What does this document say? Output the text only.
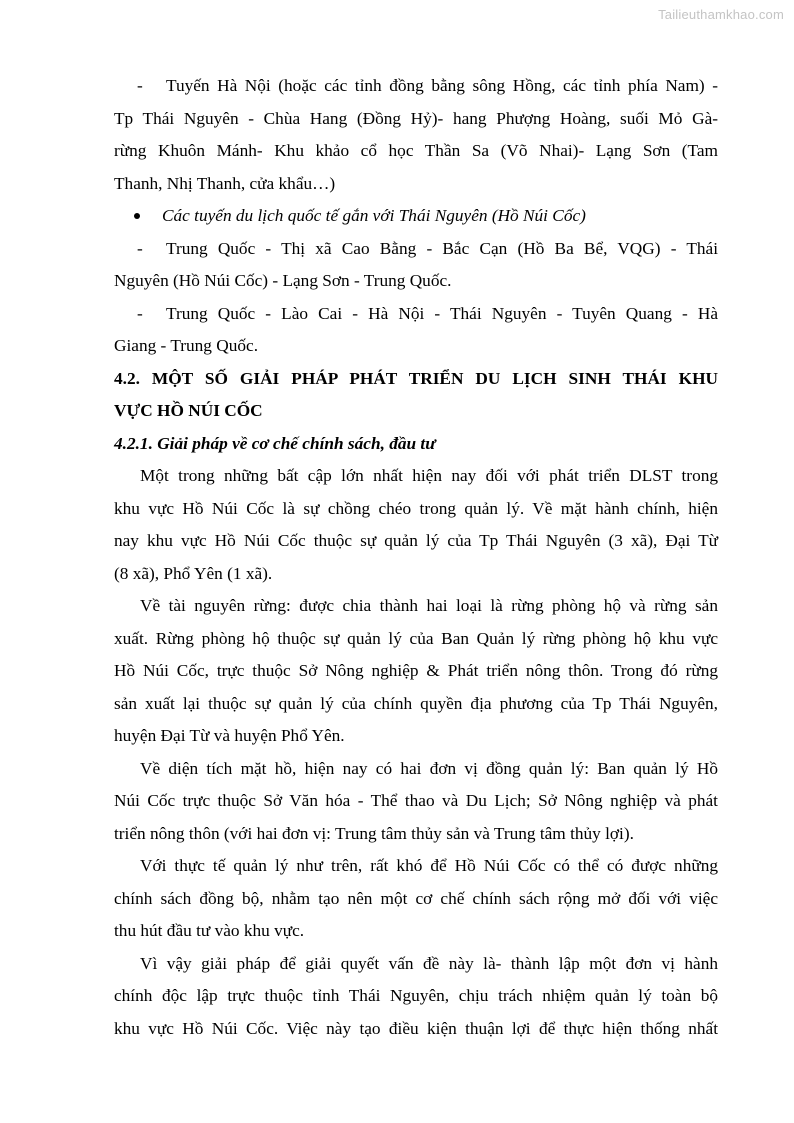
Tailieuthamkhao.com
- Tuyến Hà Nội (hoặc các tỉnh đồng bằng sông Hồng, các tỉnh phía Nam) -
Tp Thái Nguyên - Chùa Hang (Đồng Hỷ)- hang Phượng Hoàng, suối Mỏ Gà-
rừng Khuôn Mánh- Khu khảo cổ học Thần Sa (Võ Nhai)- Lạng Sơn (Tam
Thanh, Nhị Thanh, cửa khẩu…)
Các tuyến du lịch quốc tế gắn với Thái Nguyên (Hồ Núi Cốc)
- Trung Quốc - Thị xã Cao Bằng - Bắc Cạn (Hồ Ba Bể, VQG) - Thái
Nguyên (Hồ Núi Cốc) - Lạng Sơn - Trung Quốc.
- Trung Quốc - Lào Cai - Hà Nội - Thái Nguyên - Tuyên Quang - Hà
Giang - Trung Quốc.
4.2. MỘT SỐ GIẢI PHÁP PHÁT TRIỂN DU LỊCH SINH THÁI KHU
VỰC HỒ NÚI CỐC
4.2.1. Giải pháp về cơ chế chính sách, đầu tư
Một trong những bất cập lớn nhất hiện nay đối với phát triển DLST trong
khu vực Hồ Núi Cốc là sự chồng chéo trong quản lý. Về mặt hành chính, hiện
nay khu vực Hồ Núi Cốc thuộc sự quản lý của Tp Thái Nguyên (3 xã), Đại Từ
(8 xã), Phổ Yên (1 xã).
Về tài nguyên rừng: được chia thành hai loại là rừng phòng hộ và rừng sản
xuất. Rừng phòng hộ thuộc sự quản lý của Ban Quản lý rừng phòng hộ khu vực
Hồ Núi Cốc, trực thuộc Sở Nông nghiệp & Phát triển nông thôn. Trong đó rừng
sản xuất lại thuộc sự quản lý của chính quyền địa phương của Tp Thái Nguyên,
huyện Đại Từ và huyện Phổ Yên.
Về diện tích mặt hồ, hiện nay có hai đơn vị đồng quản lý: Ban quản lý Hồ
Núi Cốc trực thuộc Sở Văn hóa - Thể thao và Du Lịch; Sở Nông nghiệp và phát
triển nông thôn (với hai đơn vị: Trung tâm thủy sản và Trung tâm thủy lợi).
Với thực tế quản lý như trên, rất khó để Hồ Núi Cốc có thể có được những
chính sách đồng bộ, nhằm tạo nên một cơ chế chính sách rộng mở đối với việc
thu hút đầu tư vào khu vực.
Vì vậy giải pháp để giải quyết vấn đề này là- thành lập một đơn vị hành
chính độc lập trực thuộc tỉnh Thái Nguyên, chịu trách nhiệm quản lý toàn bộ
khu vực Hồ Núi Cốc. Việc này tạo điều kiện thuận lợi để thực hiện thống nhất
